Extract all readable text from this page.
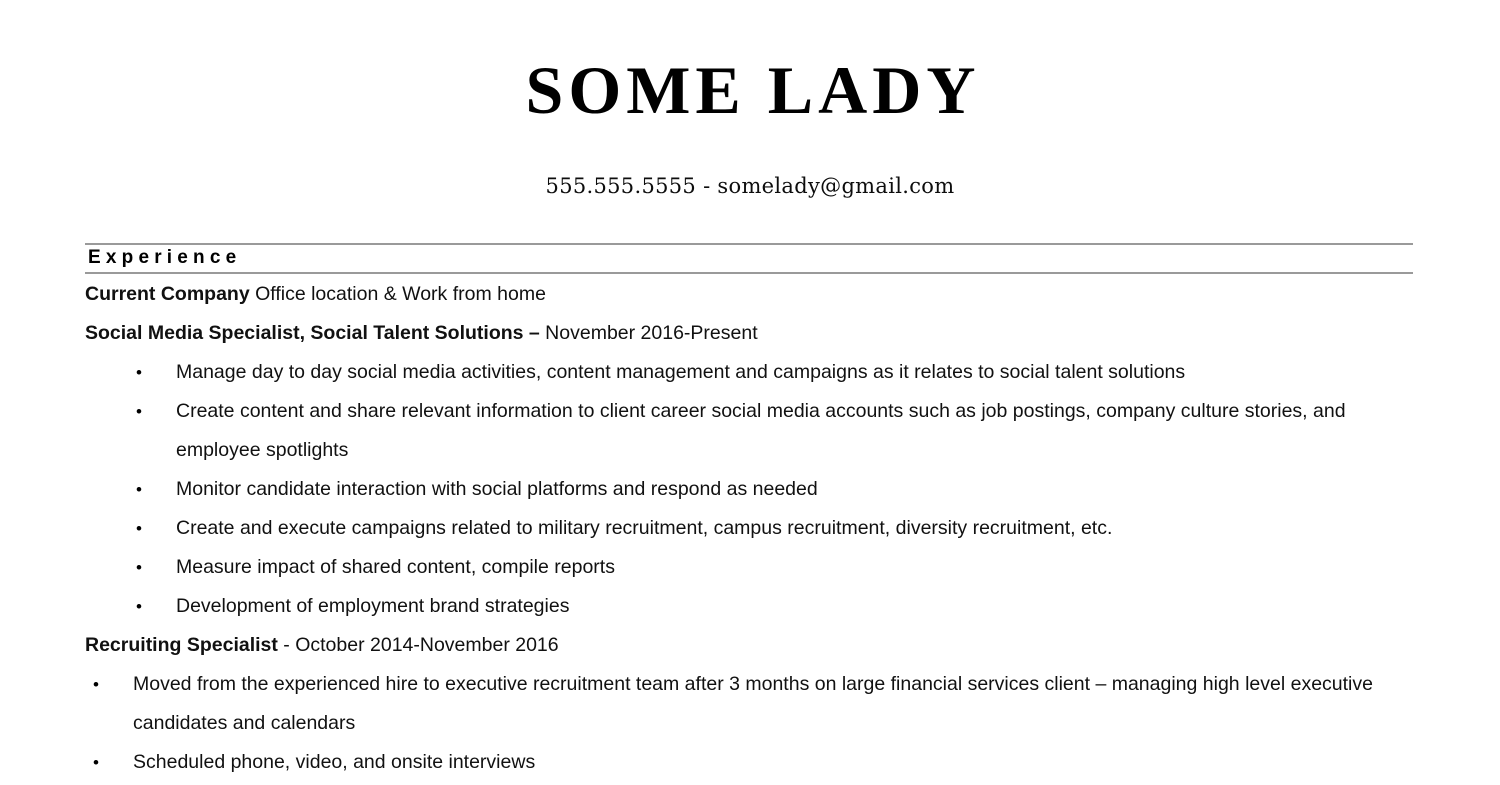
SOME LADY

555.555.5555 - somelady@gmail.com

Experience

Current Company Office location & Work from home

Social Media Specialist, Social Talent Solutions – November 2016-Present

• Manage day to day social media activities, content management and campaigns as it relates to social talent solutions
• Create content and share relevant information to client career social media accounts such as job postings, company culture stories, and employee spotlights
• Monitor candidate interaction with social platforms and respond as needed
• Create and execute campaigns related to military recruitment, campus recruitment, diversity recruitment, etc.
• Measure impact of shared content, compile reports
• Development of employment brand strategies

Recruiting Specialist - October 2014-November 2016

• Moved from the experienced hire to executive recruitment team after 3 months on large financial services client – managing high level executive candidates and calendars
• Scheduled phone, video, and onsite interviews
